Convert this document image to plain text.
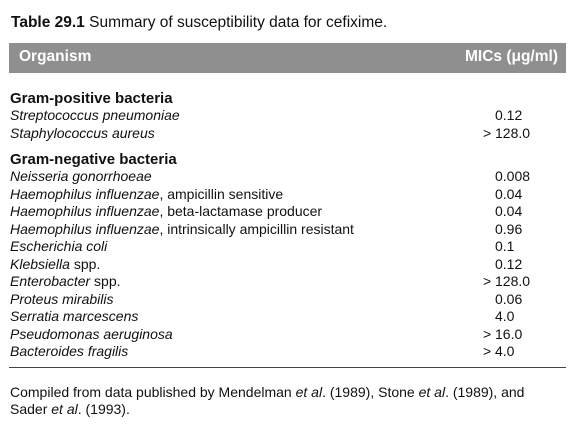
Table 29.1 Summary of susceptibility data for cefixime.
Organism	MICs (μg/ml)
Gram-positive bacteria
Streptococcus pneumoniae	0.12
Staphylococcus aureus	> 128.0
Gram-negative bacteria
Neisseria gonorrhoeae	0.008
Haemophilus influenzae, ampicillin sensitive	0.04
Haemophilus influenzae, beta-lactamase producer	0.04
Haemophilus influenzae, intrinsically ampicillin resistant	0.96
Escherichia coli	0.1
Klebsiella spp.	0.12
Enterobacter spp.	> 128.0
Proteus mirabilis	0.06
Serratia marcescens	4.0
Pseudomonas aeruginosa	> 16.0
Bacteroides fragilis	> 4.0
Compiled from data published by Mendelman et al. (1989), Stone et al. (1989), and Sader et al. (1993).
